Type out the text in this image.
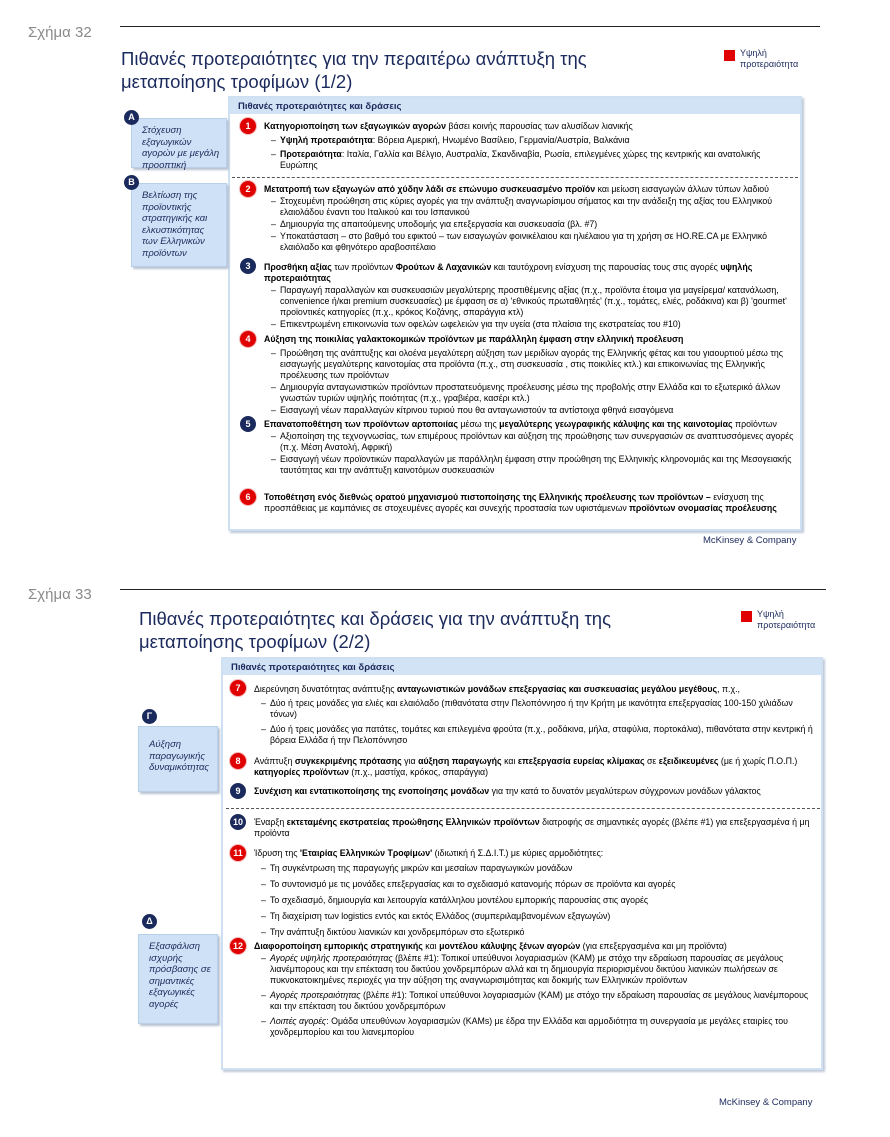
Σχήμα 32
Πιθανές προτεραιότητες για την περαιτέρω ανάπτυξη της
μεταποίησης τροφίμων (1/2)
Υψηλή
προτεραιότητα
Πιθανές προτεραιότητες και δράσεις
Στόχευση εξαγωγικών αγορών με μεγάλη προοπτική
A
Βελτίωση της προϊοντικής στρατηγικής και ελκυστικότητας των Ελληνικών προϊόντων
B
1	Κατηγοριοποίηση των εξαγωγικών αγορών βάσει κοινής παρουσίας των αλυσίδων λιανικής
– Υψηλή προτεραιότητα: Βόρεια Αμερική, Ηνωμένο Βασίλειο, Γερμανία/Αυστρία, Βαλκάνια
– Προτεραιότητα: Ιταλία, Γαλλία και Βέλγιο, Αυστραλία, Σκανδιναβία, Ρωσία, επιλεγμένες χώρες της κεντρικής και ανατολικής Ευρώπης
2	Μετατροπή των εξαγωγών από χύδην λάδι σε επώνυμο συσκευασμένο προϊόν και μείωση εισαγωγών άλλων τύπων λαδιού
– Στοχευμένη προώθηση στις κύριες αγορές για την ανάπτυξη αναγνωρίσιμου σήματος και την ανάδειξη της αξίας του Ελληνικού ελαιολάδου έναντι του Ιταλικού και του Ισπανικού
– Δημιουργία της απαιτούμενης υποδομής για επεξεργασία και συσκευασία (βλ. #7)
– Υποκατάσταση – στο βαθμό του εφικτού – των εισαγωγών φοινικέλαιου και ηλιέλαιου για τη χρήση σε HO.RE.CA με Ελληνικό ελαιόλαδο και φθηνότερο αραβοσιτέλαιο
3	Προσθήκη αξίας των προϊόντων Φρούτων & Λαχανικών και ταυτόχρονη ενίσχυση της παρουσίας τους στις αγορές υψηλής προτεραιότητας
– Παραγωγή παραλλαγών και συσκευασιών μεγαλύτερης προστιθέμενης αξίας (π.χ., προϊόντα έτοιμα για μαγείρεμα/ κατανάλωση, convenience ή/και premium συσκευασίες) με έμφαση σε α) 'εθνικούς πρωταθλητές' (π.χ., τομάτες, ελιές, ροδάκινα) και β) 'gourmet' προϊοντικές κατηγορίες (π.χ., κρόκος Κοζάνης, σπαράγγια κτλ)
– Επικεντρωμένη επικοινωνία των οφελών ωφελειών για την υγεία (στα πλαίσια της εκστρατείας του #10)
4	Αύξηση της ποικιλίας γαλακτοκομικών προϊόντων με παράλληλη έμφαση στην ελληνική προέλευση
– Προώθηση της ανάπτυξης και ολοένα μεγαλύτερη αύξηση των μεριδίων αγοράς της Ελληνικής φέτας και του γιαουρτιού μέσω της εισαγωγής μεγαλύτερης καινοτομίας στα προϊόντα (π.χ., στη συσκευασία , στις ποικιλίες κτλ.) και επικοινωνίας της Ελληνικής προέλευσης των προϊόντων
– Δημιουργία ανταγωνιστικών προϊόντων προστατευόμενης προέλευσης μέσω της προβολής στην Ελλάδα και το εξωτερικό άλλων γνωστών τυριών υψηλής ποιότητας (π.χ., γραβιέρα, κασέρι κτλ.)
– Εισαγωγή νέων παραλλαγών κίτρινου τυριού που θα ανταγωνιστούν τα αντίστοιχα φθηνά εισαγόμενα
5	Επανατοποθέτηση των προϊόντων αρτοποιίας μέσω της μεγαλύτερης γεωγραφικής κάλυψης και της καινοτομίας προϊόντων
– Αξιοποίηση της τεχνογνωσίας, των επιμέρους προϊόντων και αύξηση της προώθησης των συνεργασιών σε αναπτυσσόμενες αγορές (π.χ. Μέση Ανατολή, Αφρική)
– Εισαγωγή νέων προϊοντικών παραλλαγών με παράλληλη έμφαση στην προώθηση της Ελληνικής κληρονομιάς και της Μεσογειακής ταυτότητας και την ανάπτυξη καινοτόμων συσκευασιών
6	Τοποθέτηση ενός διεθνώς ορατού μηχανισμού πιστοποίησης της Ελληνικής προέλευσης των προϊόντων – ενίσχυση της προσπάθειας με καμπάνιες σε στοχευμένες αγορές και συνεχής προστασία των υφιστάμενων προϊόντων ονομασίας προέλευσης
McKinsey & Company
Σχήμα 33
Πιθανές προτεραιότητες και δράσεις για την ανάπτυξη της
μεταποίησης τροφίμων (2/2)
Υψηλή
προτεραιότητα
Πιθανές προτεραιότητες και δράσεις
Αύξηση παραγωγικής δυναμικότητας
Γ
Εξασφάλιση ισχυρής πρόσβασης σε σημαντικές εξαγωγικές αγορές
Δ
7	Διερεύνηση δυνατότητας ανάπτυξης ανταγωνιστικών μονάδων επεξεργασίας και συσκευασίας μεγάλου μεγέθους, π.χ.,
– Δύο ή τρεις μονάδες για ελιές και ελαιόλαδο (πιθανότατα στην Πελοπόννησο ή την Κρήτη με ικανότητα επεξεργασίας 100-150 χιλιάδων τόνων)
– Δύο ή τρεις μονάδες για πατάτες, τομάτες και επιλεγμένα φρούτα (π.χ., ροδάκινα, μήλα, σταφύλια, πορτοκάλια), πιθανότατα στην κεντρική ή βόρεια Ελλάδα ή την Πελοπόννησο
8	Ανάπτυξη συγκεκριμένης πρότασης για αύξηση παραγωγής και επεξεργασία ευρείας κλίμακας σε εξειδικευμένες (με ή χωρίς Π.Ο.Π.) κατηγορίες προϊόντων (π.χ., μαστίχα, κρόκος, σπαράγγια)
9	Συνέχιση και εντατικοποίησης της ενοποίησης μονάδων για την κατά το δυνατόν μεγαλύτερων σύγχρονων μονάδων γάλακτος
10	Έναρξη εκτεταμένης εκστρατείας προώθησης Ελληνικών προϊόντων διατροφής σε σημαντικές αγορές (βλέπε #1) για επεξεργασμένα ή μη προϊόντα
11	Ίδρυση της 'Εταιρίας Ελληνικών Τροφίμων' (ιδιωτική ή Σ.Δ.Ι.Τ.) με κύριες αρμοδιότητες:
– Τη συγκέντρωση της παραγωγής μικρών και μεσαίων παραγωγικών μονάδων
– Το συντονισμό με τις μονάδες επεξεργασίας και το σχεδιασμό κατανομής πόρων σε προϊόντα και αγορές
– Το σχεδιασμό, δημιουργία και λειτουργία κατάλληλου μοντέλου εμπορικής παρουσίας στις αγορές
– Τη διαχείριση των logistics εντός και εκτός Ελλάδος (συμπεριλαμβανομένων εξαγωγών)
– Την ανάπτυξη δικτύου λιανικών και χονδρεμπόρων στο εξωτερικό
12	Διαφοροποίηση εμπορικής στρατηγικής και μοντέλου κάλυψης ξένων αγορών (για επεξεργασμένα και μη προϊόντα)
– Αγορές υψηλής προτεραιότητας (βλέπε #1): Τοπικοί υπεύθυνοι λογαριασμών (KAM) με στόχο την εδραίωση παρουσίας σε μεγάλους λιανέμπορους και την επέκταση του δικτύου χονδρεμπόρων αλλά και τη δημιουργία περιορισμένου δικτύου λιανικών πωλήσεων σε πυκνοκατοικημένες περιοχές για την αύξηση της αναγνωρισιμότητας και δοκιμής των Ελληνικών προϊόντων
– Αγορές προτεραιότητας (βλέπε #1): Τοπικοί υπεύθυνοι λογαριασμών (KAM) με στόχο την εδραίωση παρουσίας σε μεγάλους λιανέμπορους και την επέκταση του δικτύου χονδρεμπόρων
– Λοιπές αγορές: Ομάδα υπευθύνων λογαριασμών (KAMs) με έδρα την Ελλάδα και αρμοδιότητα τη συνεργασία με μεγάλες εταιρίες του χονδρεμπορίου και του λιανεμπορίου
McKinsey & Company
